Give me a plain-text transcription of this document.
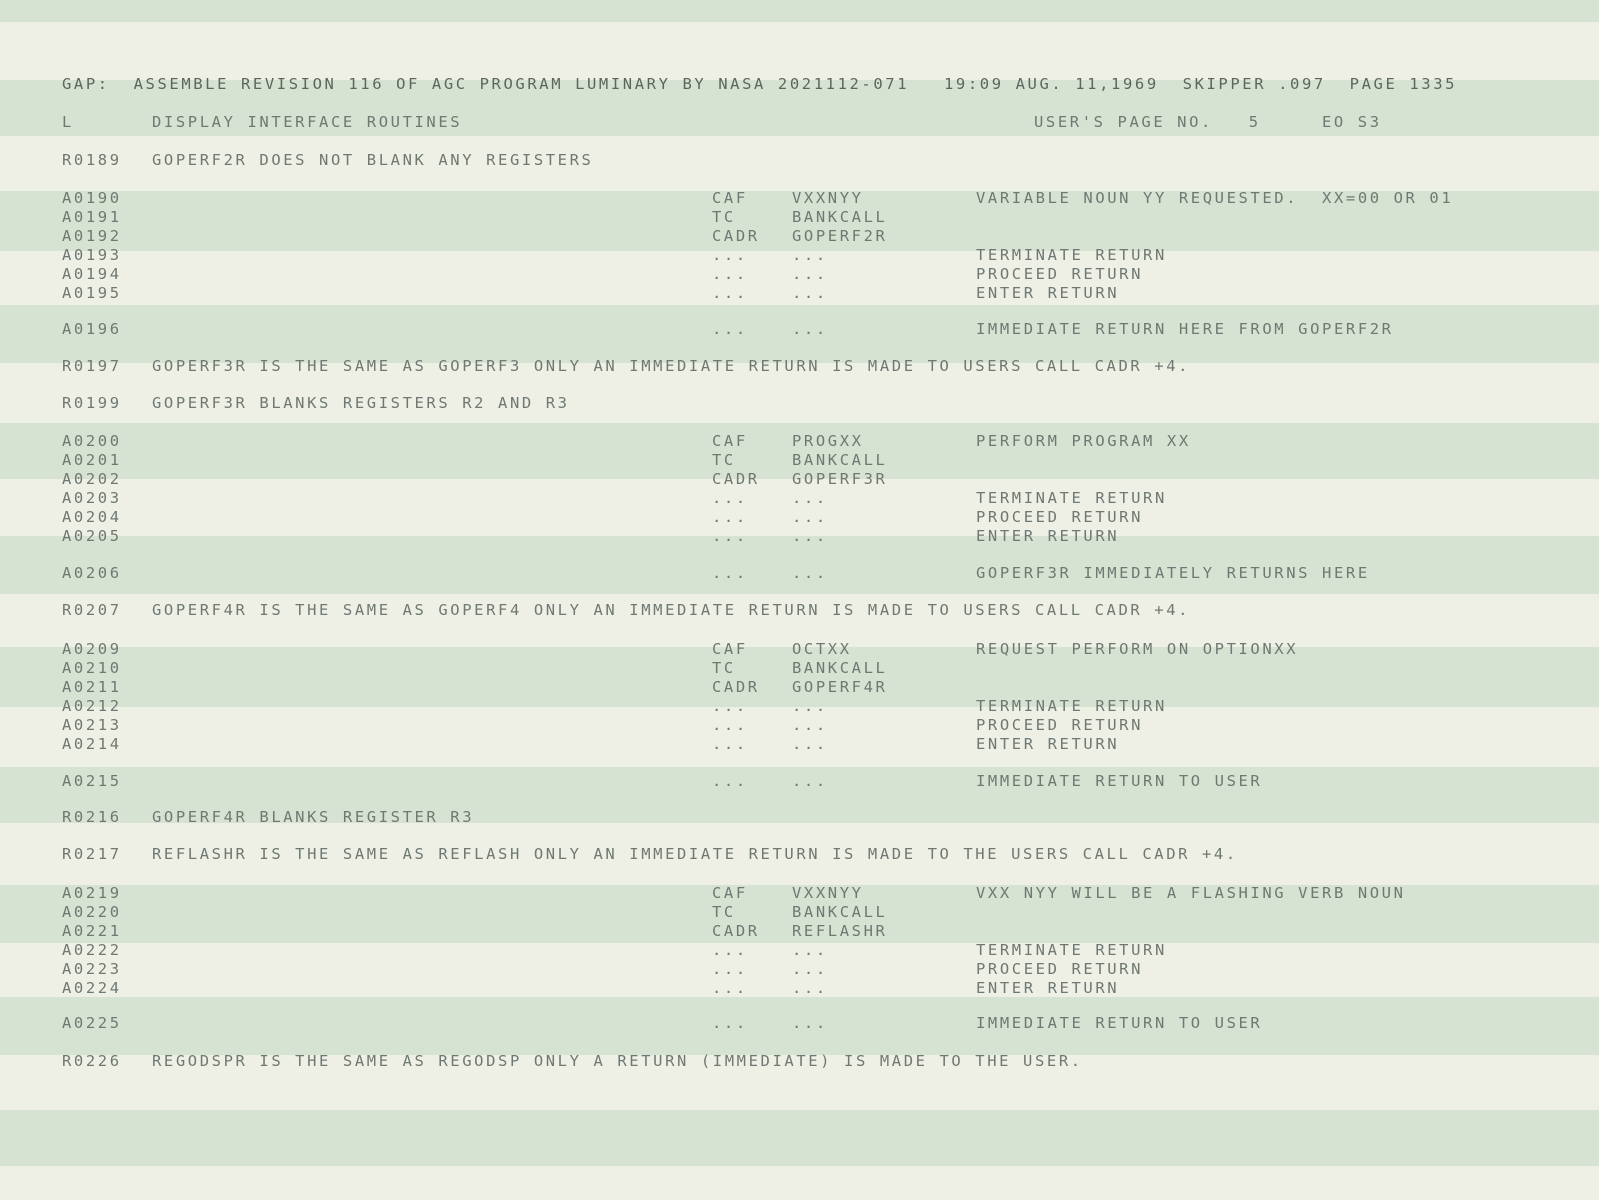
GAP:  ASSEMBLE REVISION 116 OF AGC PROGRAM LUMINARY BY NASA 2021112-071 19:09 AUG. 11,1969  SKIPPER .097  PAGE 1335
L	DISPLAY INTERFACE ROUTINES	USER'S PAGE NO.   5	EO S3
R0189 GOPERF2R DOES NOT BLANK ANY REGISTERS
A0190	CAF	VXXNYY	VARIABLE NOUN YY REQUESTED.  XX=00 OR 01
A0191	TC	BANKCALL
A0192	CADR GOPERF2R
A0193	...	...	TERMINATE RETURN
A0194	...	...	PROCEED RETURN
A0195	...	...	ENTER RETURN
A0196	...	...	IMMEDIATE RETURN HERE FROM GOPERF2R
R0197 GOPERF3R IS THE SAME AS GOPERF3 ONLY AN IMMEDIATE RETURN IS MADE TO USERS CALL CADR +4.
R0199 GOPERF3R BLANKS REGISTERS R2 AND R3
A0200	CAF	PROGXX	PERFORM PROGRAM XX
A0201	TC	BANKCALL
A0202	CADR GOPERF3R
A0203	...	...	TERMINATE RETURN
A0204	...	...	PROCEED RETURN
A0205	...	...	ENTER RETURN
A0206	...	...	GOPERF3R IMMEDIATELY RETURNS HERE
R0207 GOPERF4R IS THE SAME AS GOPERF4 ONLY AN IMMEDIATE RETURN IS MADE TO USERS CALL CADR +4.
A0209	CAF	OCTXX	REQUEST PERFORM ON OPTIONXX
A0210	TC	BANKCALL
A0211	CADR GOPERF4R
A0212	...	...	TERMINATE RETURN
A0213	...	...	PROCEED RETURN
A0214	...	...	ENTER RETURN
A0215	...	...	IMMEDIATE RETURN TO USER
R0216 GOPERF4R BLANKS REGISTER R3
R0217 REFLASHR IS THE SAME AS REFLASH ONLY AN IMMEDIATE RETURN IS MADE TO THE USERS CALL CADR +4.
A0219	CAF	VXXNYY	VXX NYY WILL BE A FLASHING VERB NOUN
A0220	TC	BANKCALL
A0221	CADR REFLASHR
A0222	...	...	TERMINATE RETURN
A0223	...	...	PROCEED RETURN
A0224	...	...	ENTER RETURN
A0225	...	...	IMMEDIATE RETURN TO USER
R0226 REGODSPR IS THE SAME AS REGODSP ONLY A RETURN (IMMEDIATE) IS MADE TO THE USER.
